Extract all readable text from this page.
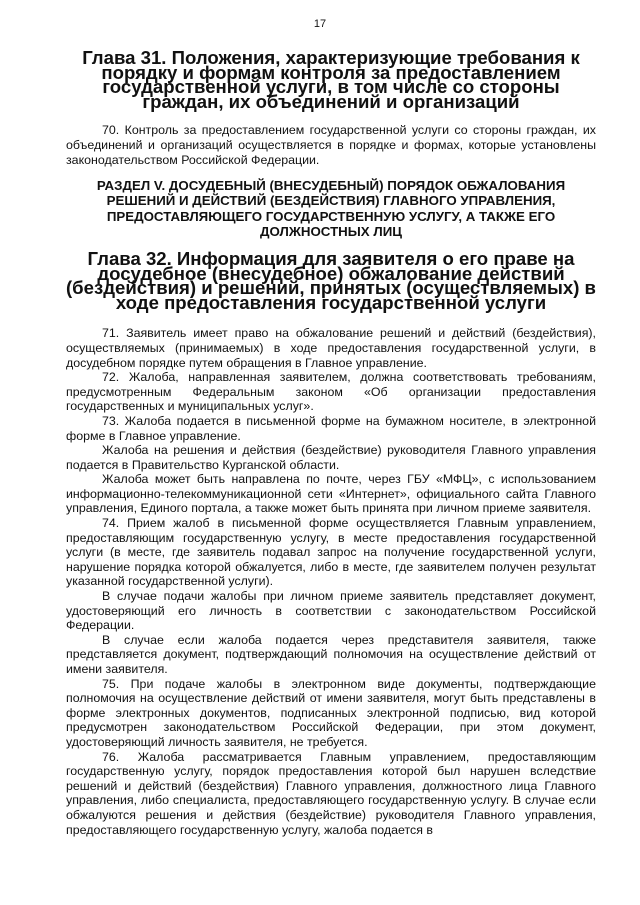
17
Глава 31. Положения, характеризующие требования к порядку и формам контроля за предоставлением государственной услуги, в том числе со стороны граждан, их объединений и организаций

70. Контроль за предоставлением государственной услуги со стороны граждан, их объединений и организаций осуществляется в порядке и формах, которые установлены законодательством Российской Федерации.

РАЗДЕЛ V. ДОСУДЕБНЫЙ (ВНЕСУДЕБНЫЙ) ПОРЯДОК ОБЖАЛОВАНИЯ РЕШЕНИЙ И ДЕЙСТВИЙ (БЕЗДЕЙСТВИЯ) ГЛАВНОГО УПРАВЛЕНИЯ, ПРЕДОСТАВЛЯЮЩЕГО ГОСУДАРСТВЕННУЮ УСЛУГУ, А ТАКЖЕ ЕГО ДОЛЖНОСТНЫХ ЛИЦ
Глава 32. Информация для заявителя о его праве на досудебное (внесудебное) обжалование действий (бездействия) и решений, принятых (осуществляемых) в ходе предоставления государственной услуги

71. Заявитель имеет право на обжалование решений и действий (бездействия), осуществляемых (принимаемых) в ходе предоставления государственной услуги, в досудебном порядке путем обращения в Главное управление.

72. Жалоба, направленная заявителем, должна соответствовать требованиям, предусмотренным Федеральным законом «Об организации предоставления государственных и муниципальных услуг».

73. Жалоба подается в письменной форме на бумажном носителе, в электронной форме в Главное управление.

Жалоба на решения и действия (бездействие) руководителя Главного управления подается в Правительство Курганской области.

Жалоба может быть направлена по почте, через ГБУ «МФЦ», с использованием информационно-телекоммуникационной сети «Интернет», официального сайта Главного управления, Единого портала, а также может быть принята при личном приеме заявителя.

74. Прием жалоб в письменной форме осуществляется Главным управлением, предоставляющим государственную услугу, в месте предоставления государственной услуги (в месте, где заявитель подавал запрос на получение государственной услуги, нарушение порядка которой обжалуется, либо в месте, где заявителем получен результат указанной государственной услуги).

В случае подачи жалобы при личном приеме заявитель представляет документ, удостоверяющий его личность в соответствии с законодательством Российской Федерации.

В случае если жалоба подается через представителя заявителя, также представляется документ, подтверждающий полномочия на осуществление действий от имени заявителя.

75. При подаче жалобы в электронном виде документы, подтверждающие полномочия на осуществление действий от имени заявителя, могут быть представлены в форме электронных документов, подписанных электронной подписью, вид которой предусмотрен законодательством Российской Федерации, при этом документ, удостоверяющий личность заявителя, не требуется.

76. Жалоба рассматривается Главным управлением, предоставляющим государственную услугу, порядок предоставления которой был нарушен вследствие решений и действий (бездействия) Главного управления, должностного лица Главного управления, либо специалиста, предоставляющего государственную услугу. В случае если обжалуются решения и действия (бездействие) руководителя Главного управления, предоставляющего государственную услугу, жалоба подается в
